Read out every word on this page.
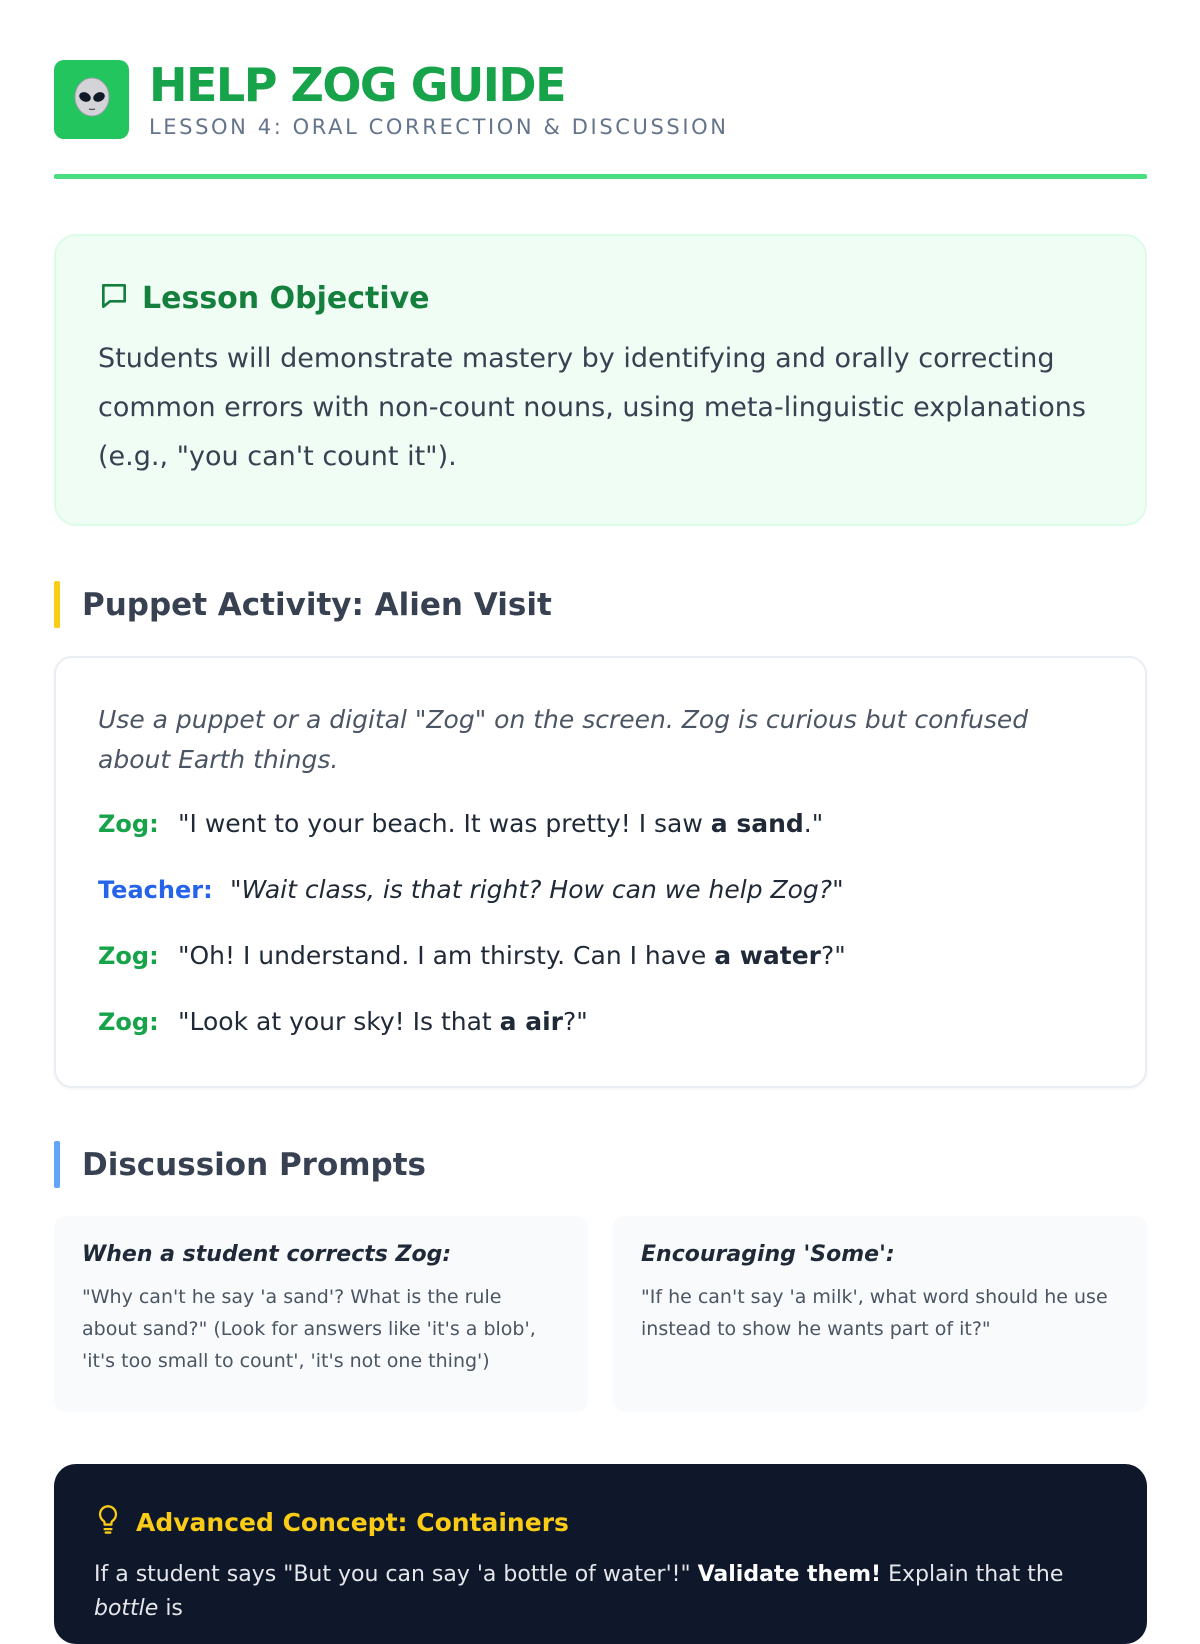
HELP ZOG GUIDE
LESSON 4: ORAL CORRECTION & DISCUSSION
Lesson Objective
Students will demonstrate mastery by identifying and orally correcting common errors with non-count nouns, using meta-linguistic explanations (e.g., "you can't count it").
Puppet Activity: Alien Visit
Use a puppet or a digital "Zog" on the screen. Zog is curious but confused about Earth things.
Zog: "I went to your beach. It was pretty! I saw a sand."
Teacher: "Wait class, is that right? How can we help Zog?"
Zog: "Oh! I understand. I am thirsty. Can I have a water?"
Zog: "Look at your sky! Is that a air?"
Discussion Prompts
When a student corrects Zog:
"Why can't he say 'a sand'? What is the rule about sand?" (Look for answers like 'it's a blob', 'it's too small to count', 'it's not one thing')
Encouraging 'Some':
"If he can't say 'a milk', what word should he use instead to show he wants part of it?"
Advanced Concept: Containers
If a student says "But you can say 'a bottle of water'!" Validate them! Explain that the bottle is
